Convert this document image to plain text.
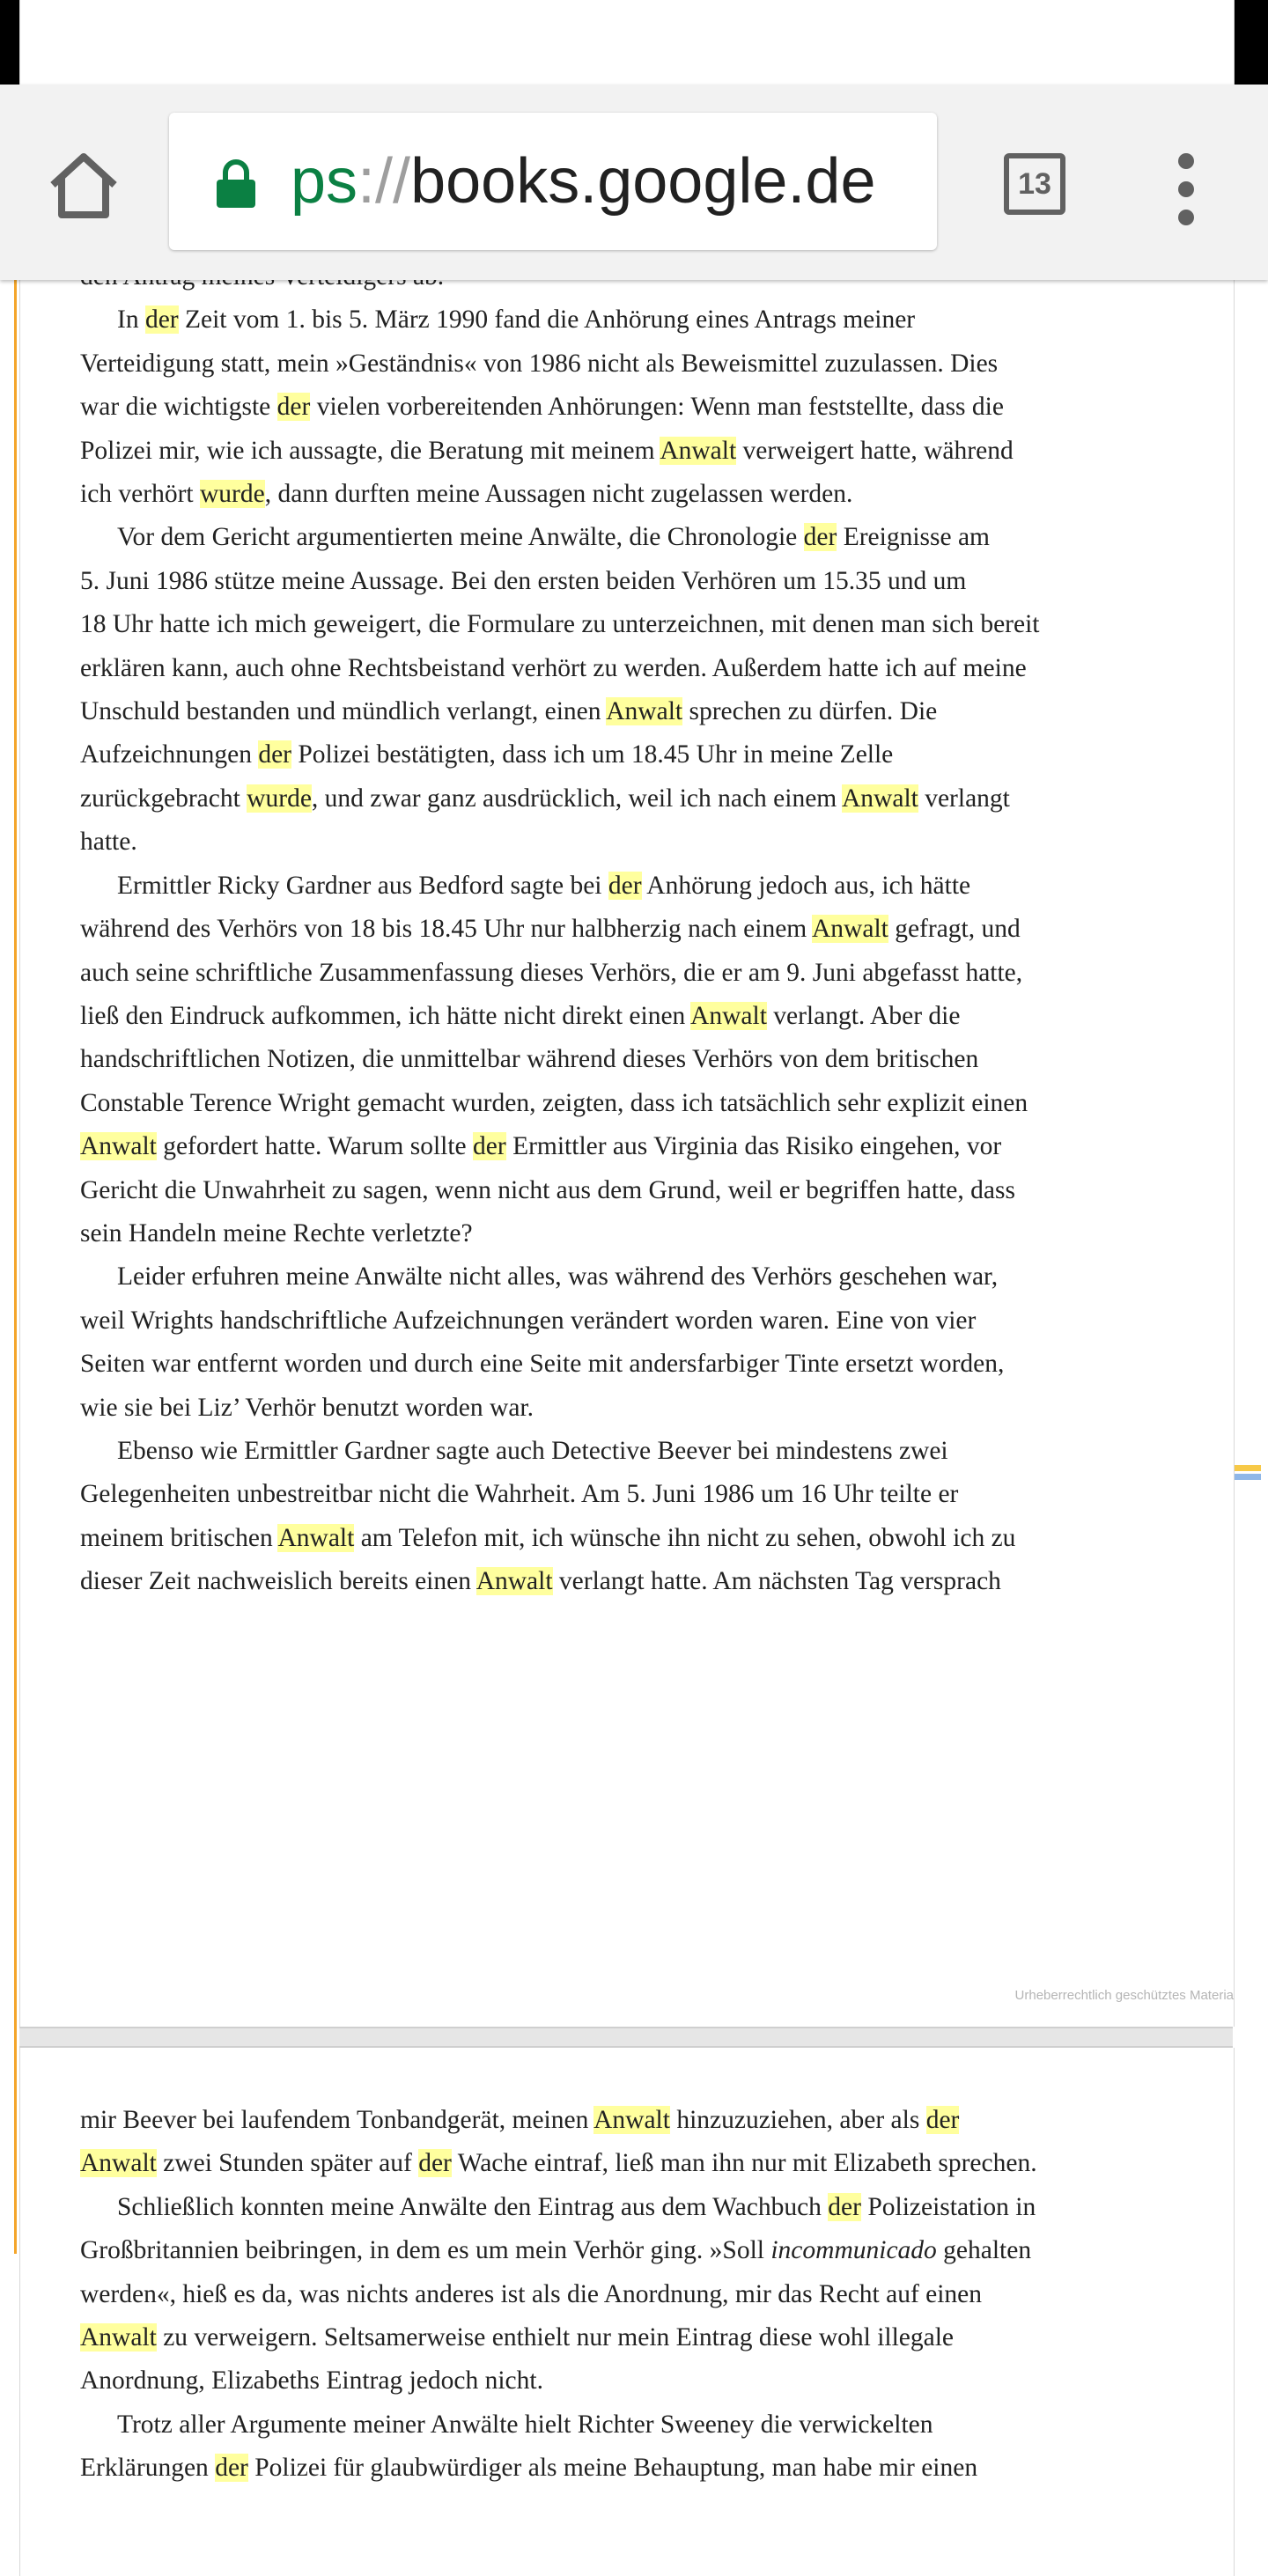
ps://books.google.de	13
In der Zeit vom 1. bis 5. März 1990 fand die Anhörung eines Antrags meiner
Verteidigung statt, mein »Geständnis« von 1986 nicht als Beweismittel zuzulassen. Dies
war die wichtigste der vielen vorbereitenden Anhörungen: Wenn man feststellte, dass die
Polizei mir, wie ich aussagte, die Beratung mit meinem Anwalt verweigert hatte, während
ich verhört wurde, dann durften meine Aussagen nicht zugelassen werden.
Vor dem Gericht argumentierten meine Anwälte, die Chronologie der Ereignisse am
5. Juni 1986 stütze meine Aussage. Bei den ersten beiden Verhören um 15.35 und um
18 Uhr hatte ich mich geweigert, die Formulare zu unterzeichnen, mit denen man sich bereit
erklären kann, auch ohne Rechtsbeistand verhört zu werden. Außerdem hatte ich auf meine
Unschuld bestanden und mündlich verlangt, einen Anwalt sprechen zu dürfen. Die
Aufzeichnungen der Polizei bestätigten, dass ich um 18.45 Uhr in meine Zelle
zurückgebracht wurde, und zwar ganz ausdrücklich, weil ich nach einem Anwalt verlangt
hatte.
Ermittler Ricky Gardner aus Bedford sagte bei der Anhörung jedoch aus, ich hätte
während des Verhörs von 18 bis 18.45 Uhr nur halbherzig nach einem Anwalt gefragt, und
auch seine schriftliche Zusammenfassung dieses Verhörs, die er am 9. Juni abgefasst hatte,
ließ den Eindruck aufkommen, ich hätte nicht direkt einen Anwalt verlangt. Aber die
handschriftlichen Notizen, die unmittelbar während dieses Verhörs von dem britischen
Constable Terence Wright gemacht wurden, zeigten, dass ich tatsächlich sehr explizit einen
Anwalt gefordert hatte. Warum sollte der Ermittler aus Virginia das Risiko eingehen, vor
Gericht die Unwahrheit zu sagen, wenn nicht aus dem Grund, weil er begriffen hatte, dass
sein Handeln meine Rechte verletzte?
Leider erfuhren meine Anwälte nicht alles, was während des Verhörs geschehen war,
weil Wrights handschriftliche Aufzeichnungen verändert worden waren. Eine von vier
Seiten war entfernt worden und durch eine Seite mit andersfarbiger Tinte ersetzt worden,
wie sie bei Liz’ Verhör benutzt worden war.
Ebenso wie Ermittler Gardner sagte auch Detective Beever bei mindestens zwei
Gelegenheiten unbestreitbar nicht die Wahrheit. Am 5. Juni 1986 um 16 Uhr teilte er
meinem britischen Anwalt am Telefon mit, ich wünsche ihn nicht zu sehen, obwohl ich zu
dieser Zeit nachweislich bereits einen Anwalt verlangt hatte. Am nächsten Tag versprach
Urheberrechtlich geschütztes Materia
mir Beever bei laufendem Tonbandgerät, meinen Anwalt hinzuzuziehen, aber als der
Anwalt zwei Stunden später auf der Wache eintraf, ließ man ihn nur mit Elizabeth sprechen.
Schließlich konnten meine Anwälte den Eintrag aus dem Wachbuch der Polizeistation in
Großbritannien beibringen, in dem es um mein Verhör ging. »Soll incommunicado gehalten
werden«, hieß es da, was nichts anderes ist als die Anordnung, mir das Recht auf einen
Anwalt zu verweigern. Seltsamerweise enthielt nur mein Eintrag diese wohl illegale
Anordnung, Elizabeths Eintrag jedoch nicht.
Trotz aller Argumente meiner Anwälte hielt Richter Sweeney die verwickelten
Erklärungen der Polizei für glaubwürdiger als meine Behauptung, man habe mir einen
